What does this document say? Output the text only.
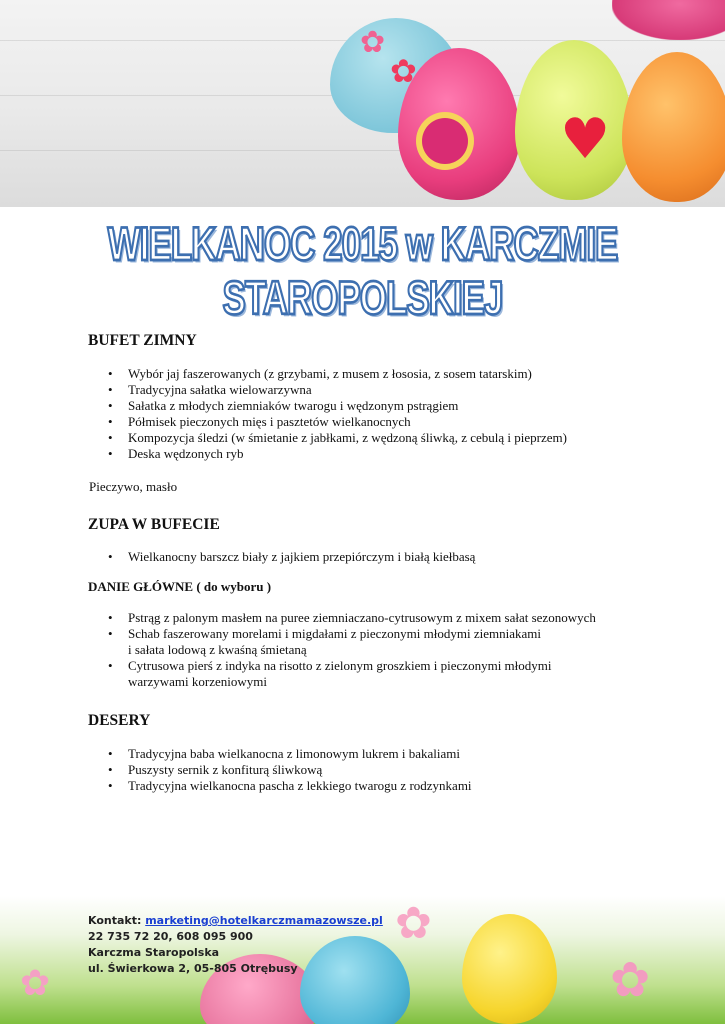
♥
✿
✿
WIELKANOC 2015 w KARCZMIE STAROPOLSKIEJ
BUFET ZIMNY
• Wybór jaj faszerowanych (z grzybami, z musem z łososia, z sosem tatarskim)
• Tradycyjna sałatka wielowarzywna
• Sałatka z młodych ziemniaków twarogu i wędzonym pstrągiem
• Półmisek pieczonych mięs i pasztetów wielkanocnych
• Kompozycja śledzi (w śmietanie z jabłkami, z wędzoną śliwką, z cebulą i pieprzem)
• Deska wędzonych ryb
Pieczywo, masło
ZUPA W BUFECIE
• Wielkanocny barszcz biały z jajkiem przepiórczym i białą kiełbasą
DANIE GŁÓWNE ( do wyboru )
• Pstrąg z palonym masłem na puree ziemniaczano-cytrusowym z mixem sałat sezonowych
• Schab faszerowany morelami i migdałami z pieczonymi młodymi ziemniakami
i sałata lodową z kwaśną śmietaną
• Cytrusowa pierś z indyka na risotto z zielonym groszkiem i pieczonymi młodymi
warzywami korzeniowymi
DESERY
• Tradycyjna baba wielkanocna z limonowym lukrem i bakaliami
• Puszysty sernik z konfiturą śliwkową
• Tradycyjna wielkanocna pascha z lekkiego twarogu z rodzynkami
✿
✿
✿
Kontakt: marketing@hotelkarczmamazowsze.pl
22 735 72 20, 608 095 900
Karczma Staropolska
ul. Świerkowa 2, 05-805 Otrębusy
